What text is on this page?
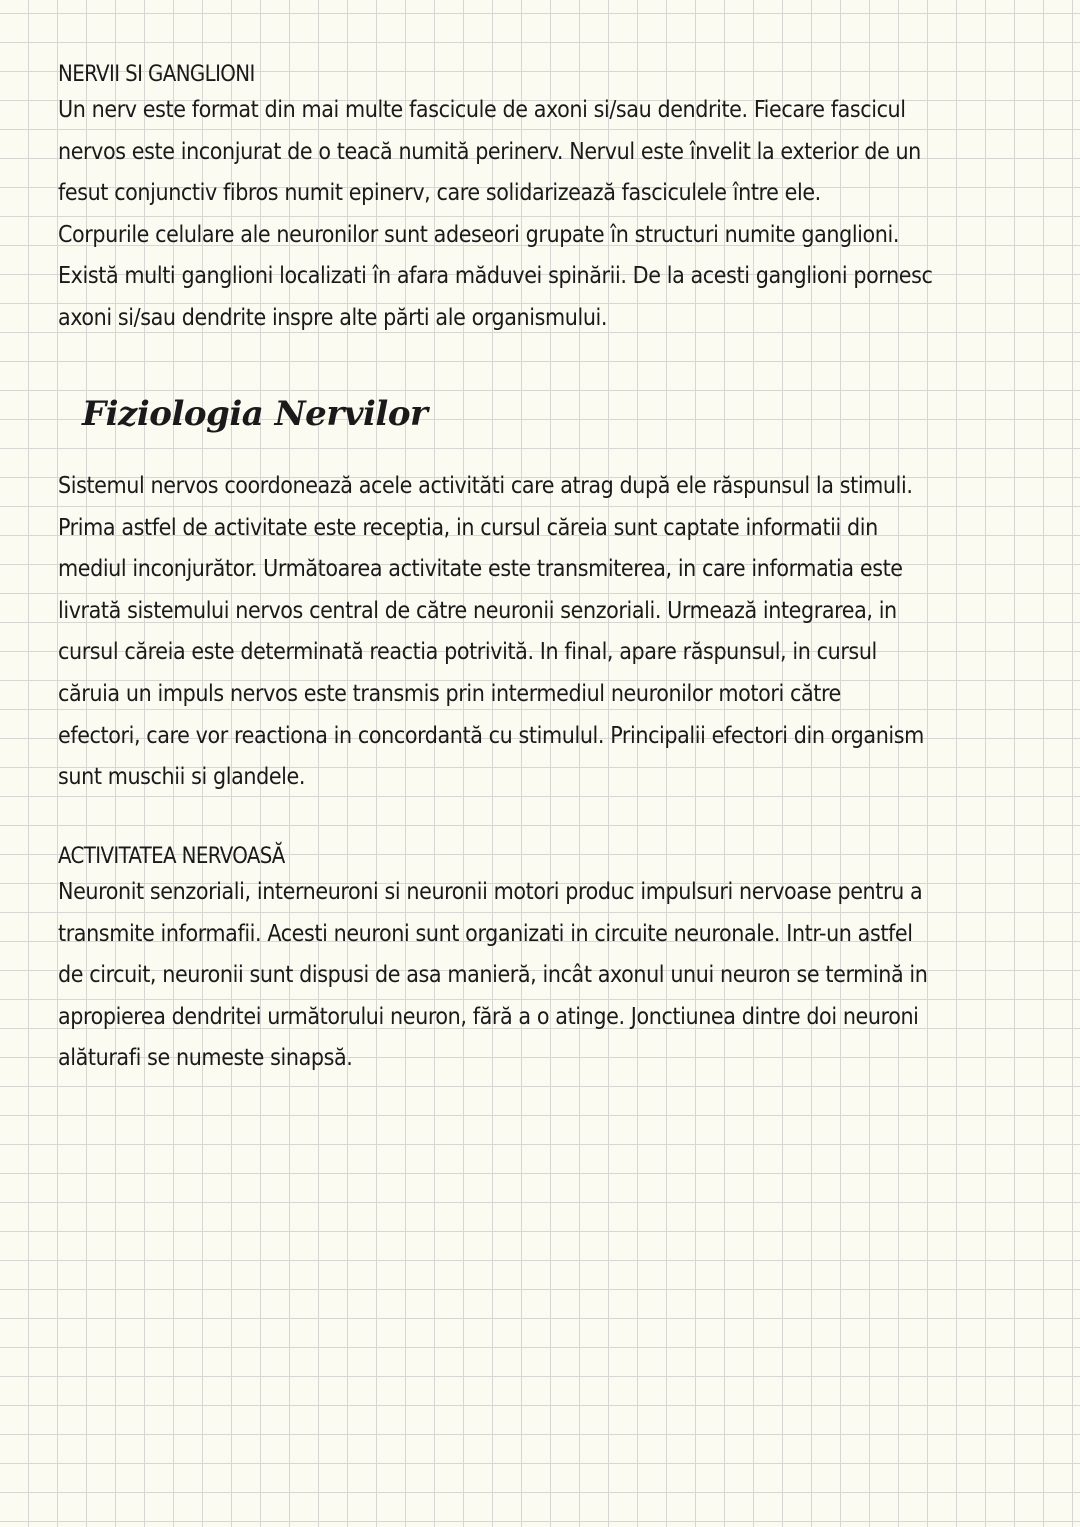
NERVII SI GANGLIONI
Un nerv este format din mai multe fascicule de axoni si/sau dendrite. Fiecare fascicul
nervos este inconjurat de o teacă numită perinerv. Nervul este învelit la exterior de un
fesut conjunctiv fibros numit epinerv, care solidarizează fasciculele între ele.
Corpurile celulare ale neuronilor sunt adeseori grupate în structuri numite ganglioni.
Există multi ganglioni localizati în afara măduvei spinării. De la acesti ganglioni pornesc
axoni si/sau dendrite inspre alte părti ale organismului.
Fiziologia Nervilor
Sistemul nervos coordonează acele activităti care atrag după ele răspunsul la stimuli.
Prima astfel de activitate este receptia, in cursul căreia sunt captate informatii din
mediul inconjurător. Următoarea activitate este transmiterea, in care informatia este
livrată sistemului nervos central de către neuronii senzoriali. Urmează integrarea, in
cursul căreia este determinată reactia potrivită. In final, apare răspunsul, in cursul
căruia un impuls nervos este transmis prin intermediul neuronilor motori către
efectori, care vor reactiona in concordantă cu stimulul. Principalii efectori din organism
sunt muschii si glandele.
ACTIVITATEA NERVOASĂ
Neuronit senzoriali, interneuroni si neuronii motori produc impulsuri nervoase pentru a
transmite informafii. Acesti neuroni sunt organizati in circuite neuronale. Intr-un astfel
de circuit, neuronii sunt dispusi de asa manieră, incât axonul unui neuron se termină in
apropierea dendritei următorului neuron, fără a o atinge. Jonctiunea dintre doi neuroni
alăturafi se numeste sinapsă.
